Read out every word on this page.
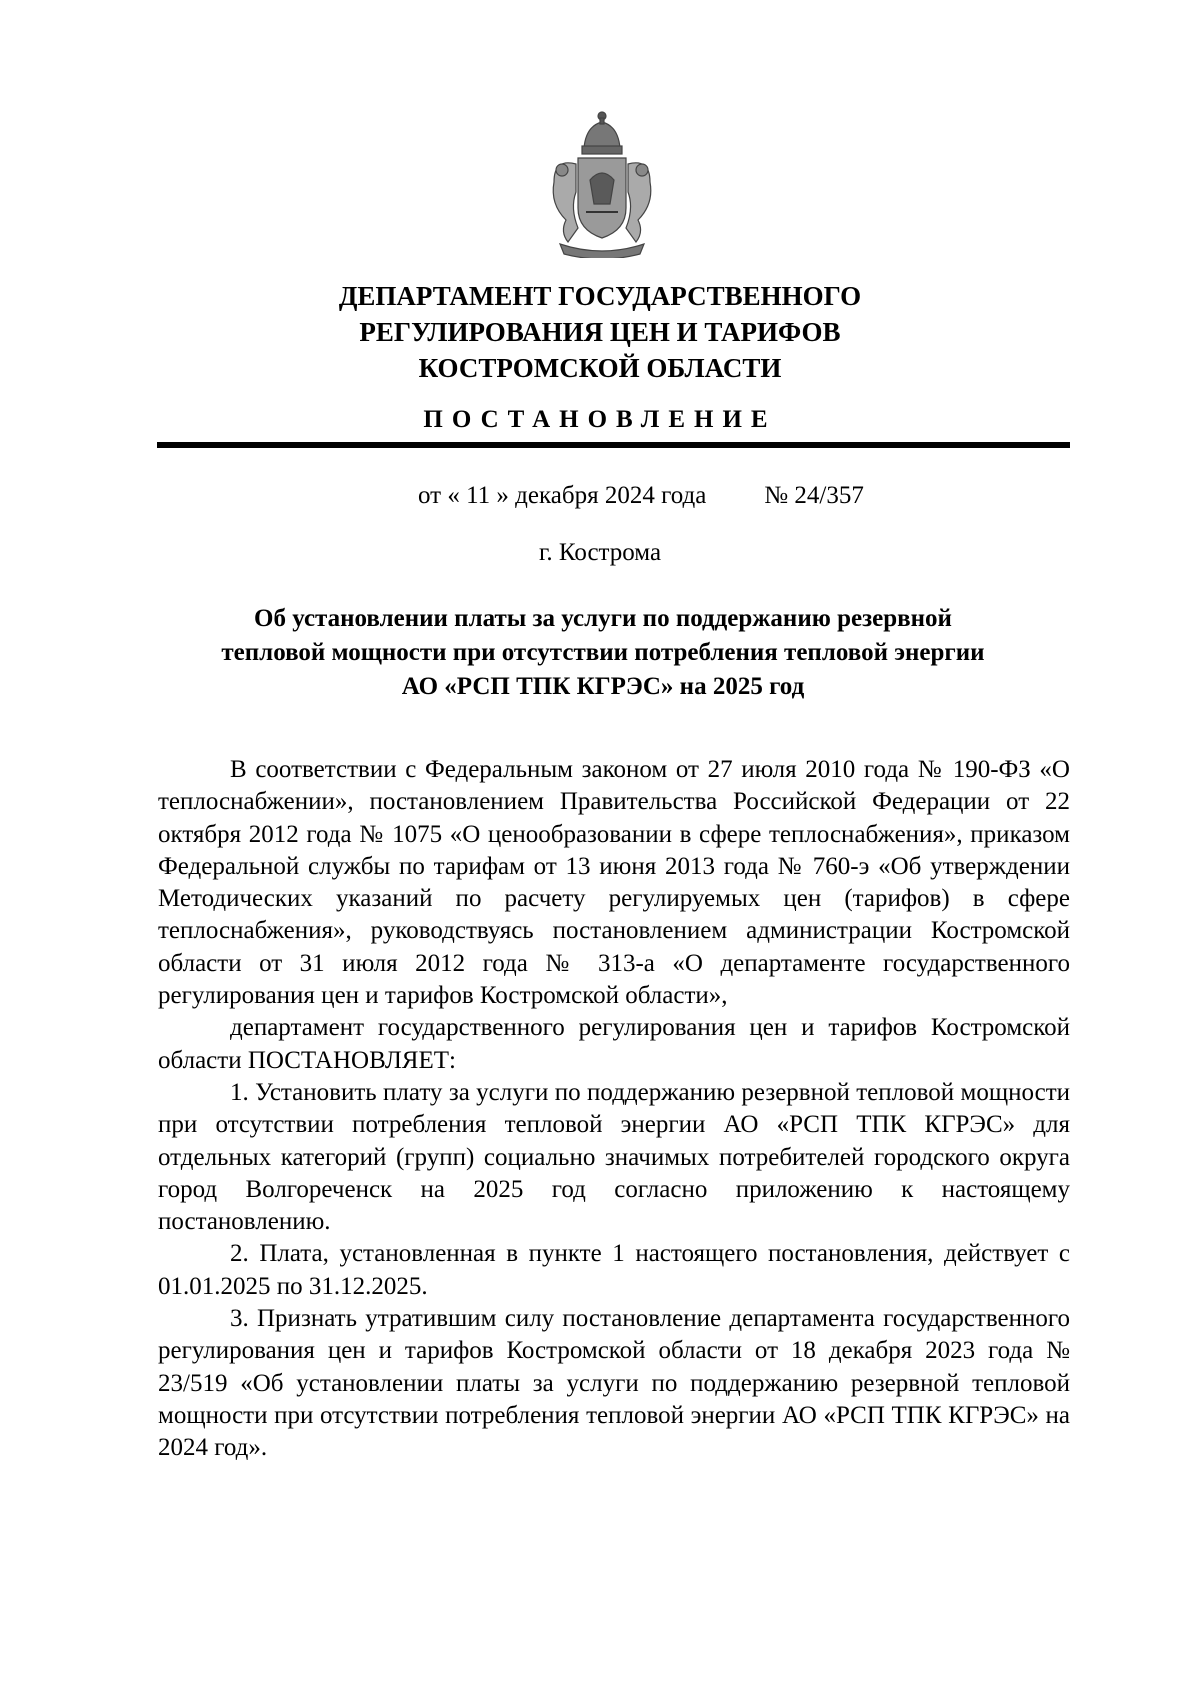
ДЕПАРТАМЕНТ ГОСУДАРСТВЕННОГО
РЕГУЛИРОВАНИЯ ЦЕН И ТАРИФОВ
КОСТРОМСКОЙ ОБЛАСТИ
ПОСТАНОВЛЕНИЕ
от « 11 » декабря 2024 года № 24/357
г. Кострома
Об установлении платы за услуги по поддержанию резервной
тепловой мощности при отсутствии потребления тепловой энергии
АО «РСП ТПК КГРЭС» на 2025 год

В соответствии с Федеральным законом от 27 июля 2010 года № 190-ФЗ «О теплоснабжении», постановлением Правительства Российской Федерации от 22 октября 2012 года № 1075 «О ценообразовании в сфере теплоснабжения», приказом Федеральной службы по тарифам от 13 июня 2013 года № 760-э «Об утверждении Методических указаний по расчету регулируемых цен (тарифов) в сфере теплоснабжения», руководствуясь постановлением администрации Костромской области от 31 июля 2012 года № 313-а «О департаменте государственного регулирования цен и тарифов Костромской области»,

департамент государственного регулирования цен и тарифов Костромской области ПОСТАНОВЛЯЕТ:

1. Установить плату за услуги по поддержанию резервной тепловой мощности при отсутствии потребления тепловой энергии АО «РСП ТПК КГРЭС» для отдельных категорий (групп) социально значимых потребителей городского округа город Волгореченск на 2025 год согласно приложению к настоящему постановлению.

2. Плата, установленная в пункте 1 настоящего постановления, действует с 01.01.2025 по 31.12.2025.

3. Признать утратившим силу постановление департамента государственного регулирования цен и тарифов Костромской области от 18 декабря 2023 года № 23/519 «Об установлении платы за услуги по поддержанию резервной тепловой мощности при отсутствии потребления тепловой энергии АО «РСП ТПК КГРЭС» на 2024 год».
